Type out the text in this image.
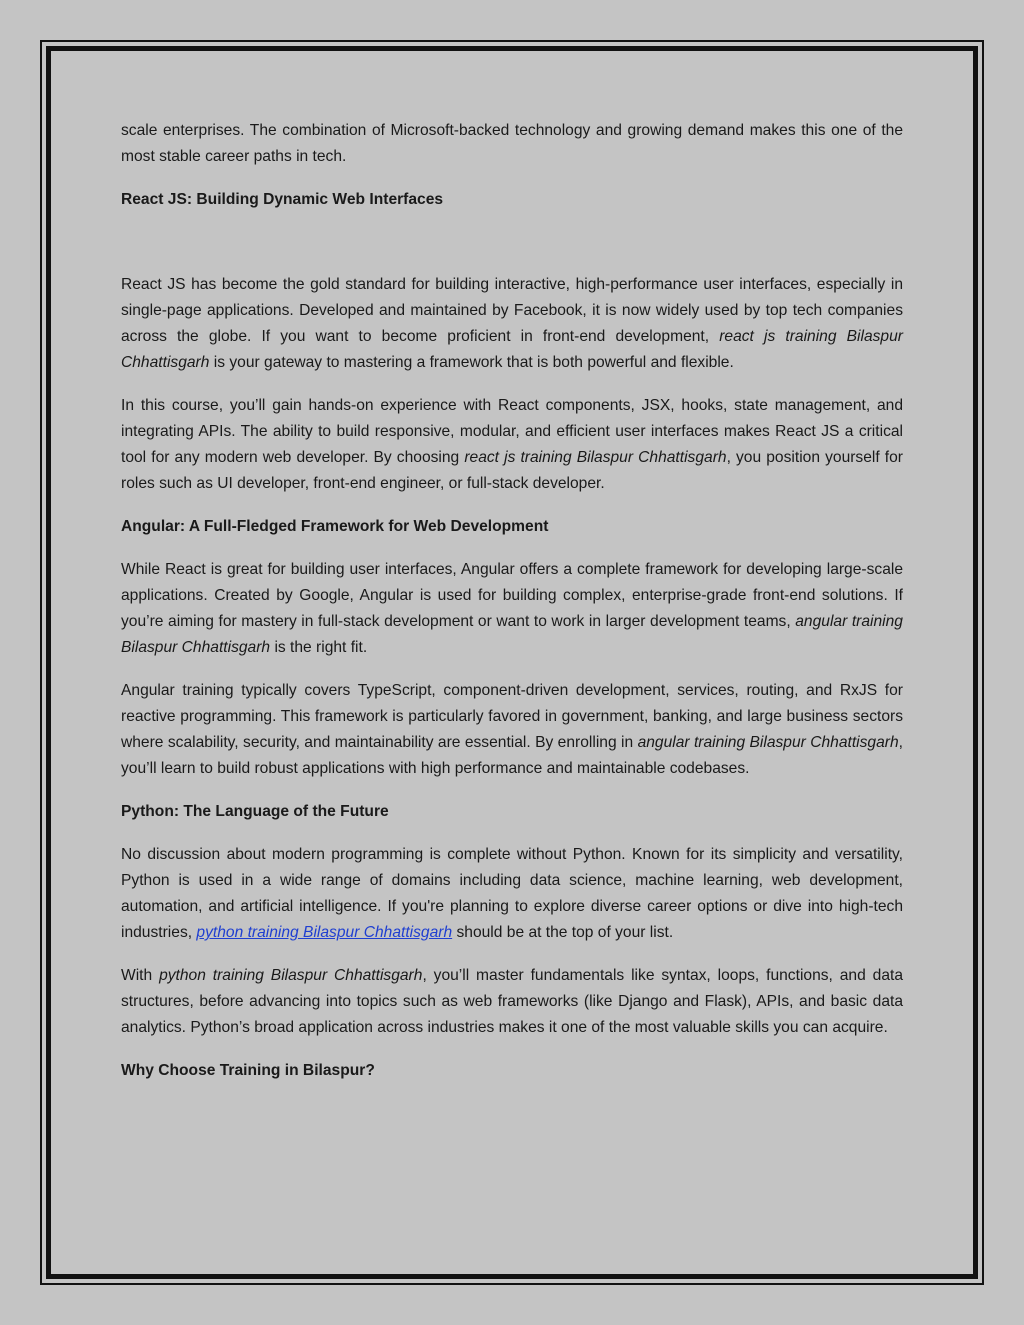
scale enterprises. The combination of Microsoft-backed technology and growing demand makes this one of the most stable career paths in tech.

React JS: Building Dynamic Web Interfaces

React JS has become the gold standard for building interactive, high-performance user interfaces, especially in single-page applications. Developed and maintained by Facebook, it is now widely used by top tech companies across the globe. If you want to become proficient in front-end development, react js training Bilaspur Chhattisgarh is your gateway to mastering a framework that is both powerful and flexible.

In this course, you’ll gain hands-on experience with React components, JSX, hooks, state management, and integrating APIs. The ability to build responsive, modular, and efficient user interfaces makes React JS a critical tool for any modern web developer. By choosing react js training Bilaspur Chhattisgarh, you position yourself for roles such as UI developer, front-end engineer, or full-stack developer.

Angular: A Full-Fledged Framework for Web Development

While React is great for building user interfaces, Angular offers a complete framework for developing large-scale applications. Created by Google, Angular is used for building complex, enterprise-grade front-end solutions. If you’re aiming for mastery in full-stack development or want to work in larger development teams, angular training Bilaspur Chhattisgarh is the right fit.

Angular training typically covers TypeScript, component-driven development, services, routing, and RxJS for reactive programming. This framework is particularly favored in government, banking, and large business sectors where scalability, security, and maintainability are essential. By enrolling in angular training Bilaspur Chhattisgarh, you’ll learn to build robust applications with high performance and maintainable codebases.

Python: The Language of the Future

No discussion about modern programming is complete without Python. Known for its simplicity and versatility, Python is used in a wide range of domains including data science, machine learning, web development, automation, and artificial intelligence. If you're planning to explore diverse career options or dive into high-tech industries, python training Bilaspur Chhattisgarh should be at the top of your list.

With python training Bilaspur Chhattisgarh, you’ll master fundamentals like syntax, loops, functions, and data structures, before advancing into topics such as web frameworks (like Django and Flask), APIs, and basic data analytics. Python’s broad application across industries makes it one of the most valuable skills you can acquire.

Why Choose Training in Bilaspur?
